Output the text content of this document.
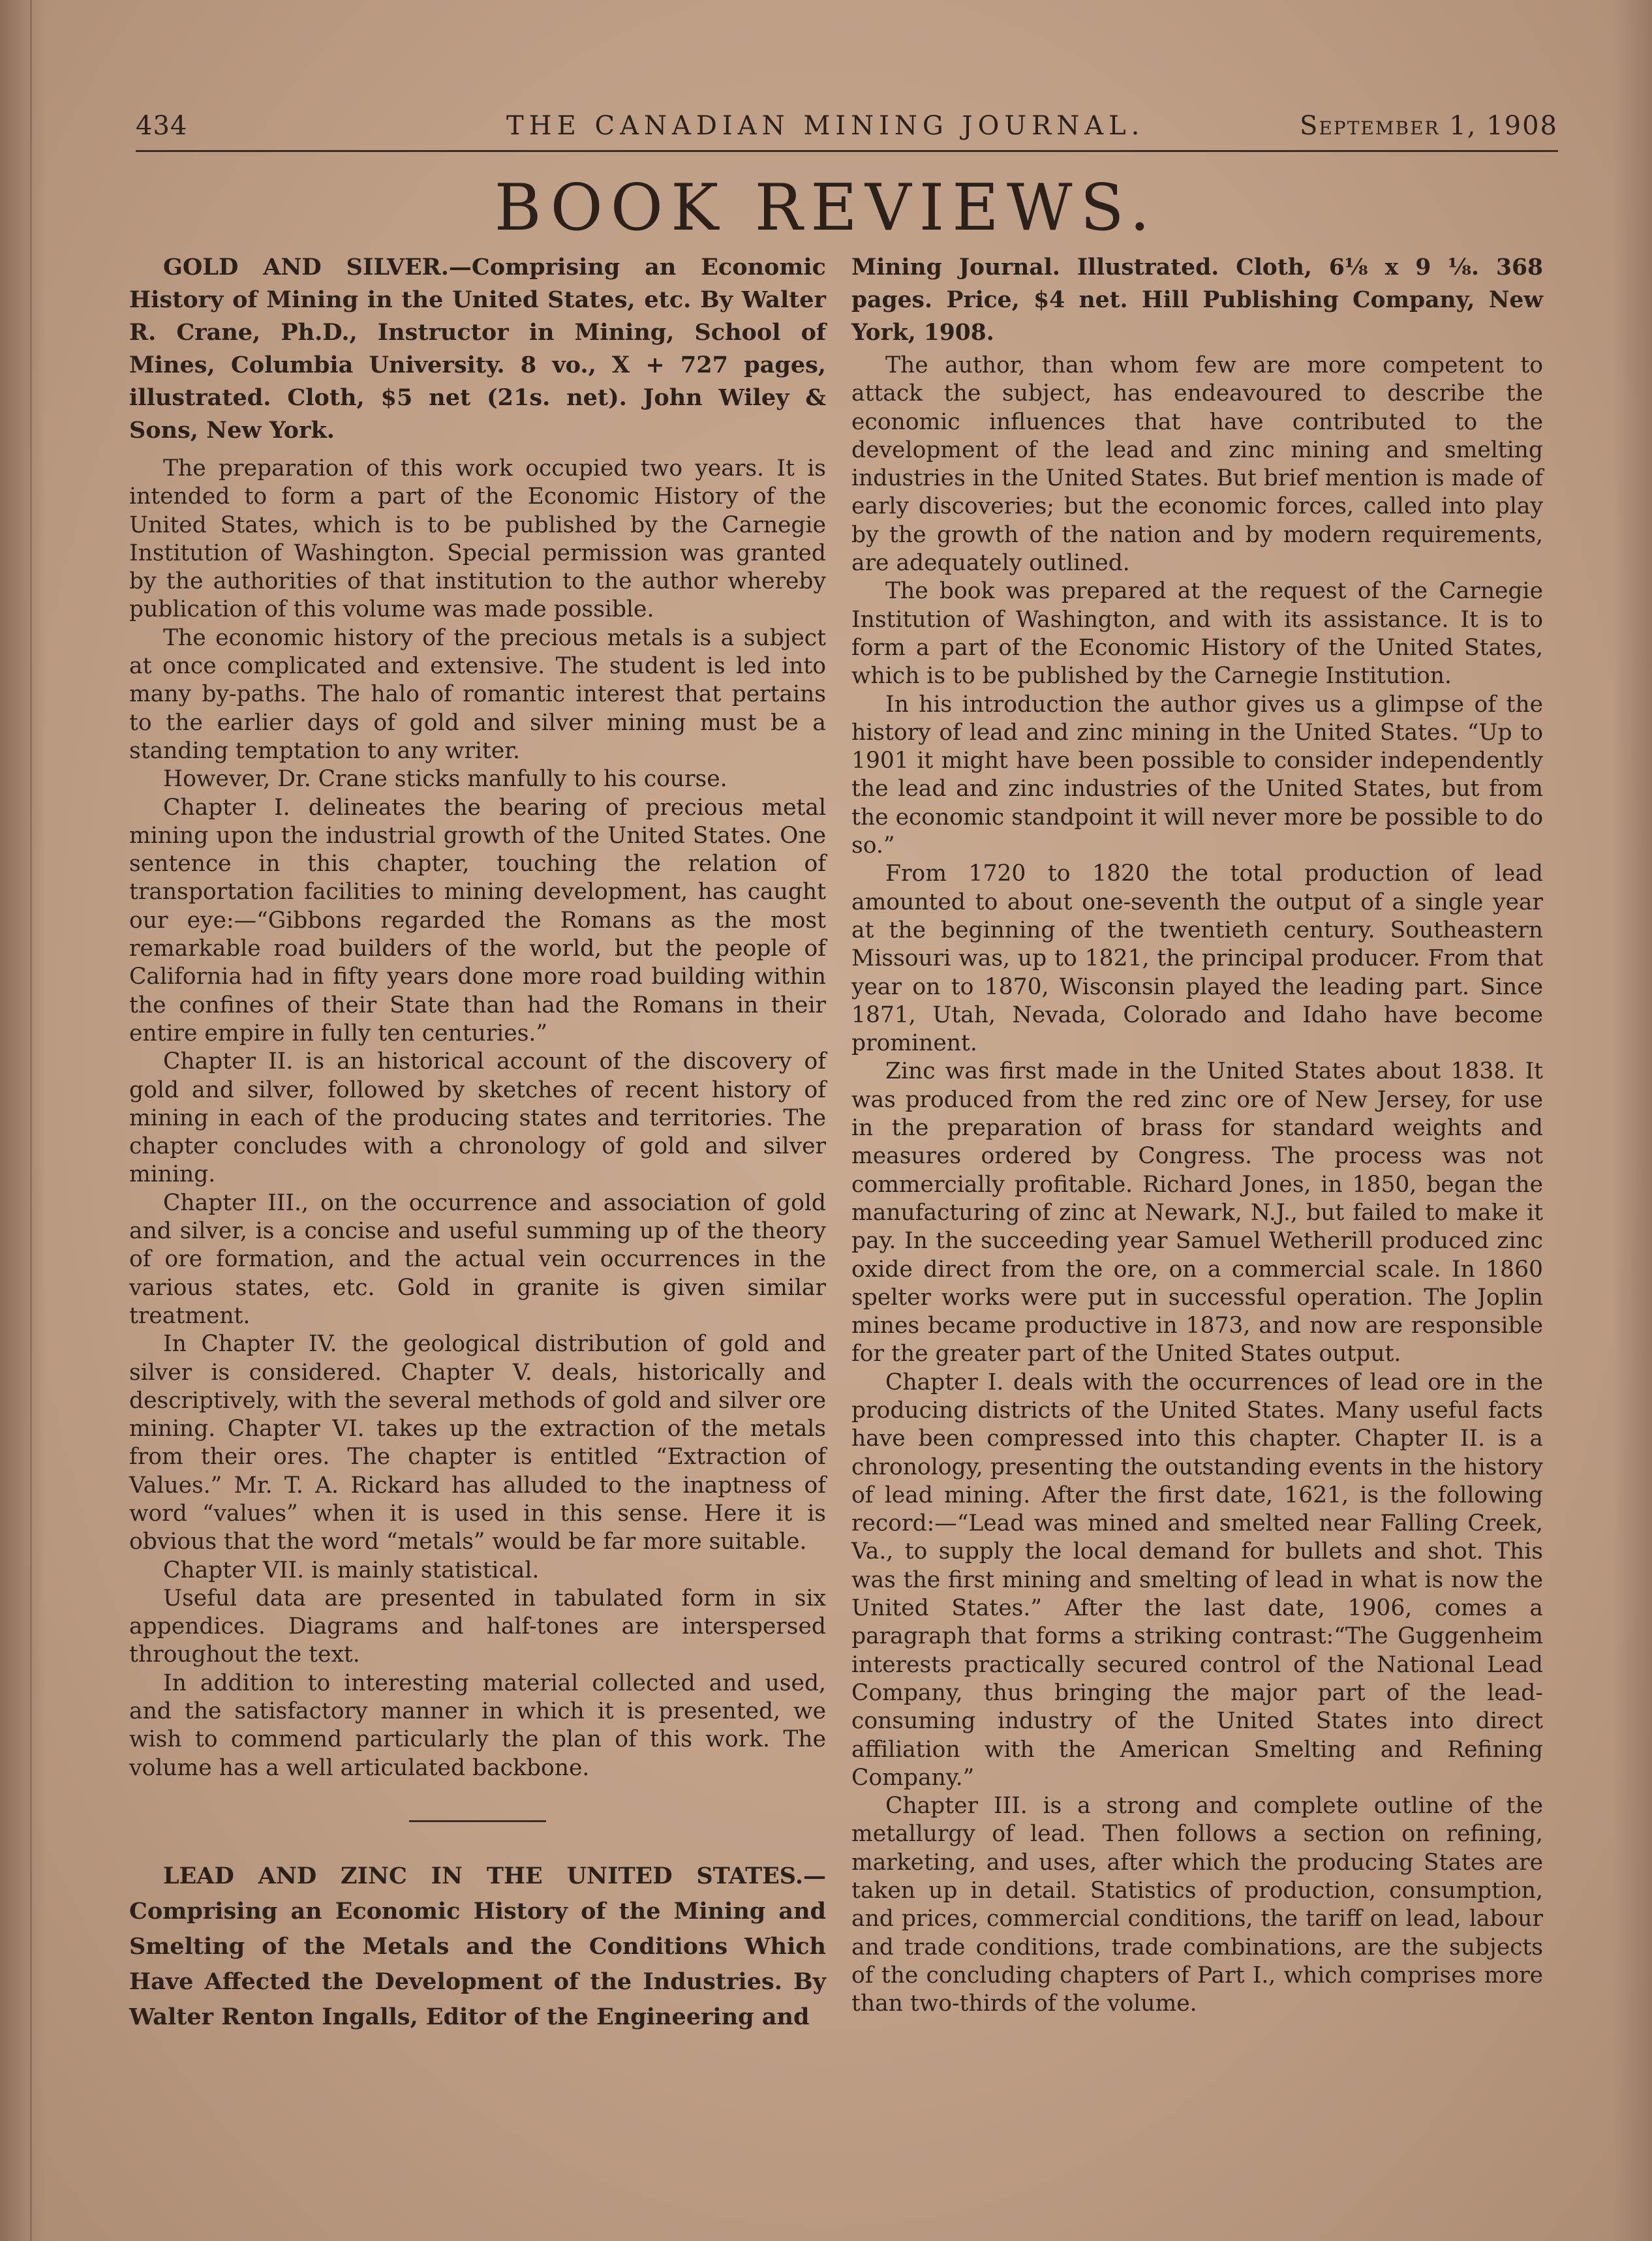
434	THE CANADIAN MINING JOURNAL.	September 1, 1908
BOOK REVIEWS.

GOLD AND SILVER.—Comprising an Economic History of Mining in the United States, etc. By Walter R. Crane, Ph.D., Instructor in Mining, School of Mines, Columbia University. 8 vo., X + 727 pages, illustrated. Cloth, $5 net (21s. net). John Wiley & Sons, New York.

The preparation of this work occupied two years. It is intended to form a part of the Economic History of the United States, which is to be published by the Carnegie Institution of Washington. Special permission was granted by the authorities of that institution to the author whereby publication of this volume was made possible.

The economic history of the precious metals is a subject at once complicated and extensive. The student is led into many by-paths. The halo of romantic interest that pertains to the earlier days of gold and silver mining must be a standing temptation to any writer.

However, Dr. Crane sticks manfully to his course.

Chapter I. delineates the bearing of precious metal mining upon the industrial growth of the United States. One sentence in this chapter, touching the relation of transportation facilities to mining development, has caught our eye:—“Gibbons regarded the Romans as the most remarkable road builders of the world, but the people of California had in fifty years done more road building within the confines of their State than had the Romans in their entire empire in fully ten centuries.”

Chapter II. is an historical account of the discovery of gold and silver, followed by sketches of recent history of mining in each of the producing states and territories. The chapter concludes with a chronology of gold and silver mining.

Chapter III., on the occurrence and association of gold and silver, is a concise and useful summing up of the theory of ore formation, and the actual vein occurrences in the various states, etc. Gold in granite is given similar treatment.

In Chapter IV. the geological distribution of gold and silver is considered. Chapter V. deals, historically and descriptively, with the several methods of gold and silver ore mining. Chapter VI. takes up the extraction of the metals from their ores. The chapter is entitled “Extraction of Values.” Mr. T. A. Rickard has alluded to the inaptness of word “values” when it is used in this sense. Here it is obvious that the word “metals” would be far more suitable.

Chapter VII. is mainly statistical.

Useful data are presented in tabulated form in six appendices. Diagrams and half-tones are interspersed throughout the text.

In addition to interesting material collected and used, and the satisfactory manner in which it is presented, we wish to commend particularly the plan of this work. The volume has a well articulated backbone.

LEAD AND ZINC IN THE UNITED STATES.—Comprising an Economic History of the Mining and Smelting of the Metals and the Conditions Which Have Affected the Development of the Industries. By Walter Renton Ingalls, Editor of the Engineering and

Mining Journal. Illustrated. Cloth, 6⅛ x 9 ⅛. 368 pages. Price, $4 net. Hill Publishing Company, New York, 1908.

The author, than whom few are more competent to attack the subject, has endeavoured to describe the economic influences that have contributed to the development of the lead and zinc mining and smelting industries in the United States. But brief mention is made of early discoveries; but the economic forces, called into play by the growth of the nation and by modern requirements, are adequately outlined.

The book was prepared at the request of the Carnegie Institution of Washington, and with its assistance. It is to form a part of the Economic History of the United States, which is to be published by the Carnegie Institution.

In his introduction the author gives us a glimpse of the history of lead and zinc mining in the United States. “Up to 1901 it might have been possible to consider independently the lead and zinc industries of the United States, but from the economic standpoint it will never more be possible to do so.”

From 1720 to 1820 the total production of lead amounted to about one-seventh the output of a single year at the beginning of the twentieth century. Southeastern Missouri was, up to 1821, the principal producer. From that year on to 1870, Wisconsin played the leading part. Since 1871, Utah, Nevada, Colorado and Idaho have become prominent.

Zinc was first made in the United States about 1838. It was produced from the red zinc ore of New Jersey, for use in the preparation of brass for standard weights and measures ordered by Congress. The process was not commercially profitable. Richard Jones, in 1850, began the manufacturing of zinc at Newark, N.J., but failed to make it pay. In the succeeding year Samuel Wetherill produced zinc oxide direct from the ore, on a commercial scale. In 1860 spelter works were put in successful operation. The Joplin mines became productive in 1873, and now are responsible for the greater part of the United States output.

Chapter I. deals with the occurrences of lead ore in the producing districts of the United States. Many useful facts have been compressed into this chapter. Chapter II. is a chronology, presenting the outstanding events in the history of lead mining. After the first date, 1621, is the following record:—“Lead was mined and smelted near Falling Creek, Va., to supply the local demand for bullets and shot. This was the first mining and smelting of lead in what is now the United States.” After the last date, 1906, comes a paragraph that forms a striking contrast:“The Guggenheim interests practically secured control of the National Lead Company, thus bringing the major part of the lead-consuming industry of the United States into direct affiliation with the American Smelting and Refining Company.”

Chapter III. is a strong and complete outline of the metallurgy of lead. Then follows a section on refining, marketing, and uses, after which the producing States are taken up in detail. Statistics of production, consumption, and prices, commercial conditions, the tariff on lead, labour and trade conditions, trade combinations, are the subjects of the concluding chapters of Part I., which comprises more than two-thirds of the volume.
